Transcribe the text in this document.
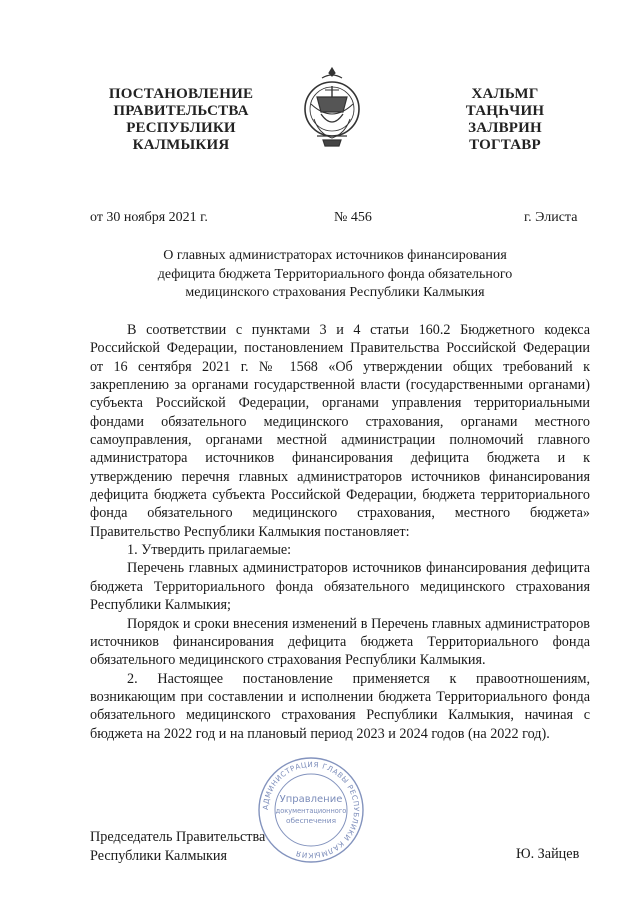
ПОСТАНОВЛЕНИЕ
ПРАВИТЕЛЬСТВА
РЕСПУБЛИКИ
КАЛМЫКИЯ
ХАЛЬМГ
ТАҢҺЧИН
ЗАЛВРИН
ТОГТАВР
от 30 ноября 2021 г.	№ 456	г. Элиста
О главных администраторах источников финансирования
дефицита бюджета Территориального фонда обязательного
медицинского страхования Республики Калмыкия

В соответствии с пунктами 3 и 4 статьи 160.2 Бюджетного кодекса Российской Федерации, постановлением Правительства Российской Федерации от 16 сентября 2021 г. № 1568 «Об утверждении общих требований к закреплению за органами государственной власти (государственными органами) субъекта Российской Федерации, органами управления территориальными фондами обязательного медицинского страхования, органами местного самоуправления, органами местной администрации полномочий главного администратора источников финансирования дефицита бюджета и к утверждению перечня главных администраторов источников финансирования дефицита бюджета субъекта Российской Федерации, бюджета территориального фонда обязательного медицинского страхования, местного бюджета» Правительство Республики Калмыкия постановляет:

1. Утвердить прилагаемые:

Перечень главных администраторов источников финансирования дефицита бюджета Территориального фонда обязательного медицинского страхования Республики Калмыкия;

Порядок и сроки внесения изменений в Перечень главных администраторов источников финансирования дефицита бюджета Территориального фонда обязательного медицинского страхования Республики Калмыкия.

2. Настоящее постановление применяется к правоотношениям, возникающим при составлении и исполнении бюджета Территориального фонда обязательного медицинского страхования Республики Калмыкия, начиная с бюджета на 2022 год и на плановый период 2023 и 2024 годов (на 2022 год).

АДМИНИСТРАЦИЯ ГЛАВЫ РЕСПУБЛИКИ КАЛМЫКИЯ
Управление
документационного
обеспечения
Председатель Правительства
Республики Калмыкия	Ю. Зайцев
